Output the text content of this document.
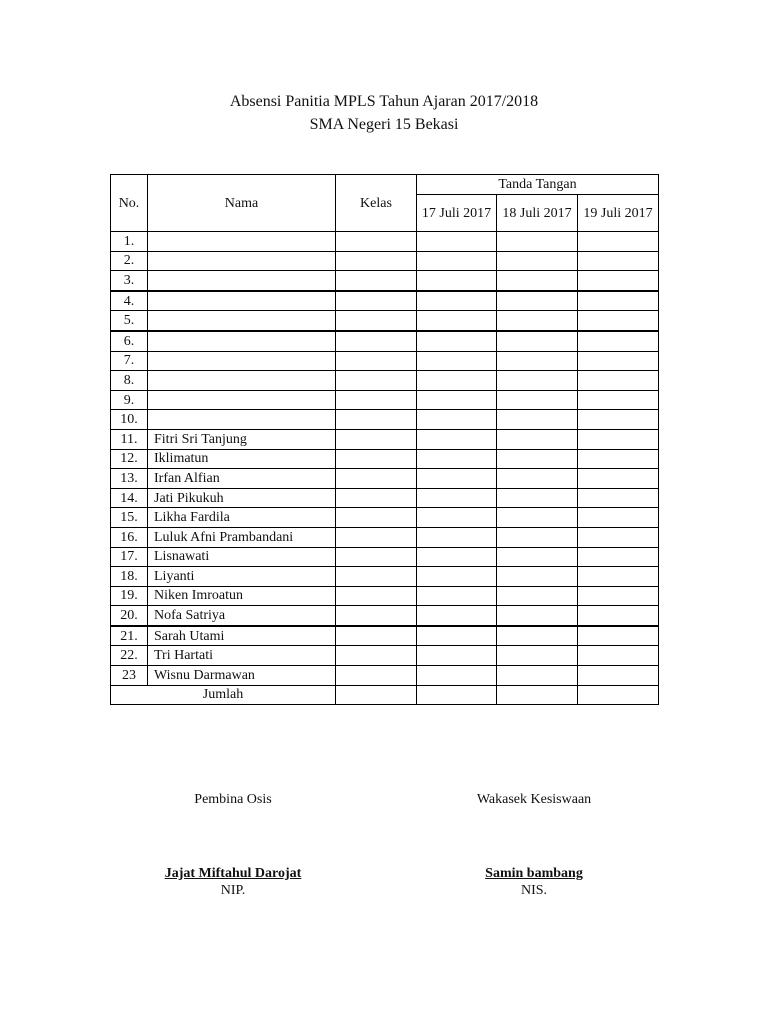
Absensi Panitia MPLS Tahun Ajaran 2017/2018
SMA Negeri 15 Bekasi
No.	Nama	Kelas	Tanda Tangan		
			17 Juli 2017	18 Juli 2017	19 Juli 2017
1.					
2.					
3.					
4.					
5.					
6.					
7.					
8.					
9.					
10.					
11.	Fitri Sri Tanjung				
12.	Iklimatun				
13.	Irfan Alfian				
14.	Jati Pikukuh				
15.	Likha Fardila				
16.	Luluk Afni Prambandani				
17.	Lisnawati				
18.	Liyanti				
19.	Niken Imroatun				
20.	Nofa Satriya				
21.	Sarah Utami				
22.	Tri Hartati				
23	Wisnu Darmawan				
Jumlah					
Pembina Osis
Jajat Miftahul Darojat
NIP.
Wakasek Kesiswaan
Samin bambang
NIS.
